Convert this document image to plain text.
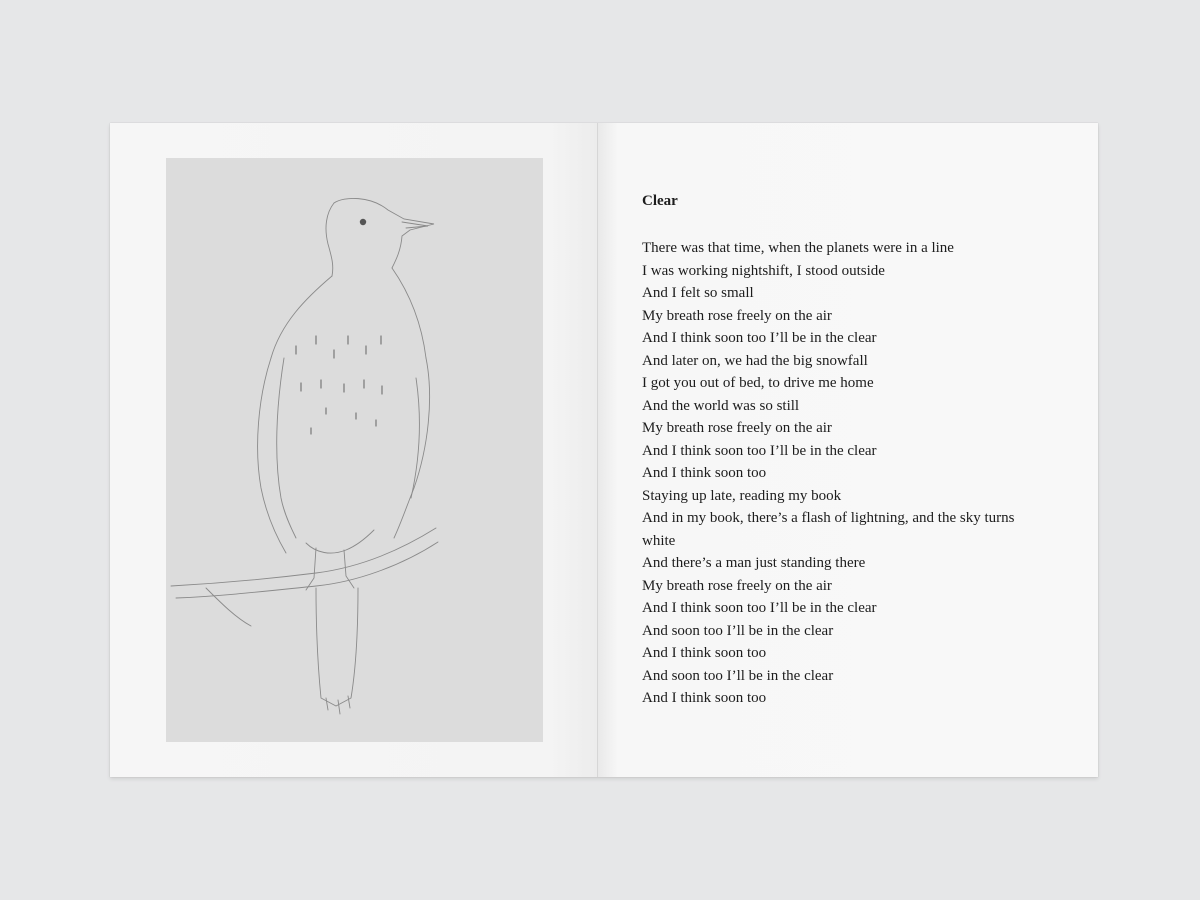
Clear
There was that time, when the planets were in a line
I was working nightshift, I stood outside
And I felt so small
My breath rose freely on the air
And I think soon too I’ll be in the clear
And later on, we had the big snowfall
I got you out of bed, to drive me home
And the world was so still
My breath rose freely on the air
And I think soon too I’ll be in the clear
And I think soon too
Staying up late, reading my book
And in my book, there’s a flash of lightning, and the sky turns
white
And there’s a man just standing there
My breath rose freely on the air
And I think soon too I’ll be in the clear
And soon too I’ll be in the clear
And I think soon too
And soon too I’ll be in the clear
And I think soon too
